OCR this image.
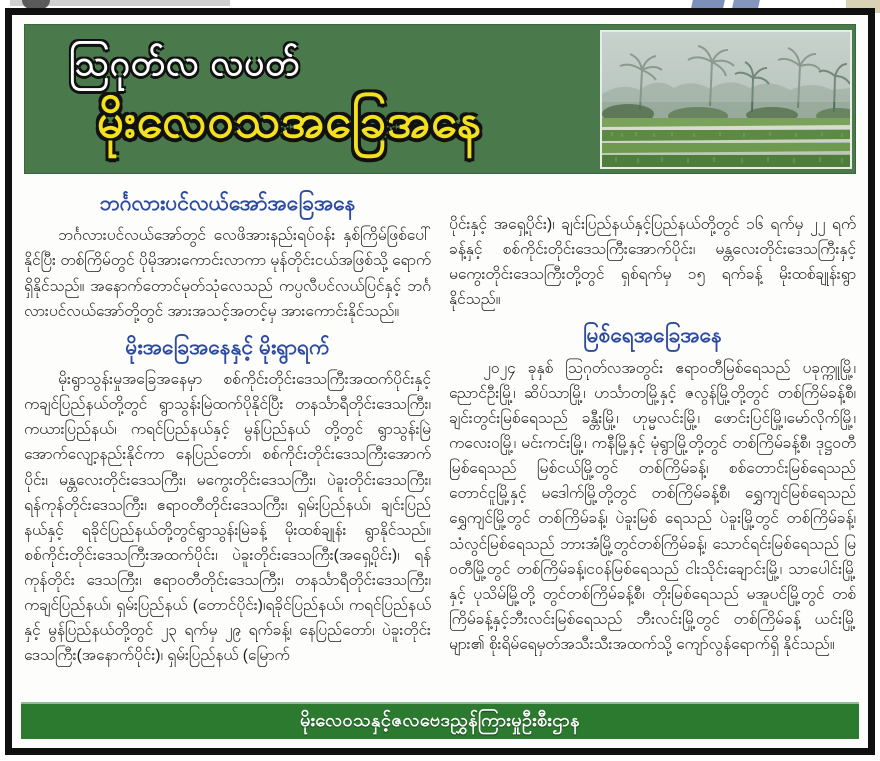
ဩဂုတ်လ လပတ်
မိုးလေဝသအခြေအနေ
ဘင်္ဂလားပင်လယ်အော်အခြေအနေ

ဘင်္ဂလားပင်လယ်အော်တွင် လေဖိအားနည်းရပ်ဝန်း နှစ်ကြိမ်ဖြစ်ပေါ်နိုင်ပြီး တစ်ကြိမ်တွင် ပိုမိုအားကောင်းလာကာ မုန်တိုင်းငယ်အဖြစ်သို့ ရောက်ရှိနိုင်သည်။ အနောက်တောင်မုတ်သုံလေသည် ကပ္ပလီပင်လယ်ပြင်နှင့် ဘင်္ဂလားပင်လယ်အော်တို့တွင် အားအသင့်အတင့်မှ အားကောင်းနိုင်သည်။

မိုးအခြေအနေနှင့် မိုးရွာရက်

မိုးရွာသွန်းမှုအခြေအနေမှာ စစ်ကိုင်းတိုင်းဒေသကြီးအထက်ပိုင်းနှင့် ကချင်ပြည်နယ်တို့တွင် ရွာသွန်းမြဲထက်ပိုနိုင်ပြီး တနင်္သာရီတိုင်းဒေသကြီး၊ ကယားပြည်နယ်၊ ကရင်ပြည်နယ်နှင့် မွန်ပြည်နယ် တို့တွင် ရွာသွန်းမြဲအောက်လျော့နည်းနိုင်ကာ နေပြည်တော်၊ စစ်ကိုင်းတိုင်းဒေသကြီးအောက်ပိုင်း၊ မန္တလေးတိုင်းဒေသကြီး၊ မကွေးတိုင်းဒေသကြီး၊ ပဲခူးတိုင်းဒေသကြီး၊ ရန်ကုန်တိုင်းဒေသကြီး၊ ဧရာဝတီတိုင်းဒေသကြီး၊ ရှမ်းပြည်နယ်၊ ချင်းပြည် နယ်နှင့် ရခိုင်ပြည်နယ်တို့တွင်ရွာသွန်းမြဲခန့် မိုးထစ်ချုန်း ရွာနိုင်သည်။ စစ်ကိုင်းတိုင်းဒေသကြီးအထက်ပိုင်း၊ ပဲခူးတိုင်းဒေသကြီး(အရှေ့ပိုင်း)၊ ရန် ကုန်တိုင်း ဒေသကြီး၊ ဧရာဝတီတိုင်းဒေသကြီး၊ တနင်္သာရီတိုင်းဒေသကြီး၊ ကချင်ပြည်နယ်၊ ရှမ်းပြည်နယ် (တောင်ပိုင်း)၊ရခိုင်ပြည်နယ်၊ ကရင်ပြည်နယ်နှင့် မွန်ပြည်နယ်တို့တွင် ၂၃ ရက်မှ ၂၉ ရက်ခန့်၊ နေပြည်တော်၊ ပဲခူးတိုင်းဒေသကြီး(အနောက်ပိုင်း)၊ ရှမ်းပြည်နယ် (မြောက်

ပိုင်းနှင့် အရှေ့ပိုင်း)၊ ချင်းပြည်နယ်နှင့်ပြည်နယ်တို့တွင် ၁၆ ရက်မှ ၂၂ ရက်ခန့်နှင့် စစ်ကိုင်းတိုင်းဒေသကြီးအောက်ပိုင်း၊ မန္တလေးတိုင်းဒေသကြီးနှင့် မကွေးတိုင်းဒေသကြီးတို့တွင် ရှစ်ရက်မှ ၁၅ ရက်ခန့် မိုးထစ်ချုန်းရွာ နိုင်သည်။

မြစ်ရေအခြေအနေ

၂၀၂၄ ခုနှစ် ဩဂုတ်လအတွင်း ဧရာဝတီမြစ်ရေသည် ပခုက္ကူမြို့၊ ညောင်ဦးမြို့၊ ဆိပ်သာမြို့၊ ဟင်္သာတမြို့နှင့် ဇလွန်မြို့တို့တွင် တစ်ကြိမ်ခန့်စီ၊ ချင်းတွင်းမြစ်ရေသည် ခန္တီးမြို့၊ ဟုမ္မလင်းမြို့၊ ဖောင်းပြင်မြို့၊မော်လိုက်မြို့၊ ကလေးဝမြို့၊ မင်းကင်းမြို့၊ ကနီမြို့နှင့် မုံရွာမြို့တို့တွင် တစ်ကြိမ်ခန့်စီ၊ ဒုဋ္ဌဝတီမြစ်ရေသည် မြစ်ငယ်မြို့တွင် တစ်ကြိမ်ခန့်၊ စစ်တောင်းမြစ်ရေသည် တောင်ငူမြို့နှင့် မဒေါက်မြို့တို့တွင် တစ်ကြိမ်ခန့်စီ၊ ရွှေကျင်မြစ်ရေသည် ရွှေကျင်မြို့တွင် တစ်ကြိမ်ခန့်၊ ပဲခူးမြစ် ရေသည် ပဲခူးမြို့တွင် တစ်ကြိမ်ခန့်၊ သံလွင်မြစ်ရေသည် ဘားအံမြို့တွင်တစ်ကြိမ်ခန့်၊ သောင်ရင်းမြစ်ရေသည် မြဝတီမြို့တွင် တစ်ကြိမ်ခန့်၊ငဝန်မြစ်ရေသည် ငါးသိုင်းချောင်းမြို့၊ သာပေါင်းမြို့နှင့် ပုသိမ်မြို့တို့ တွင်တစ်ကြိမ်ခန့်စီ၊ တိုးမြစ်ရေသည် မအူပင်မြို့တွင် တစ်ကြိမ်ခန့်နှင့်ဘီးလင်းမြစ်ရေသည် ဘီးလင်းမြို့တွင် တစ်ကြိမ်ခန့် ယင်းမြို့များ၏ စိုးရိမ်ရေမှတ်အသီးသီးအထက်သို့ ကျော်လွန်ရောက်ရှိ နိုင်သည်။

မိုးလေဝသနှင့်ဇလဗေဒညွှန်ကြားမှုဦးစီးဌာန
